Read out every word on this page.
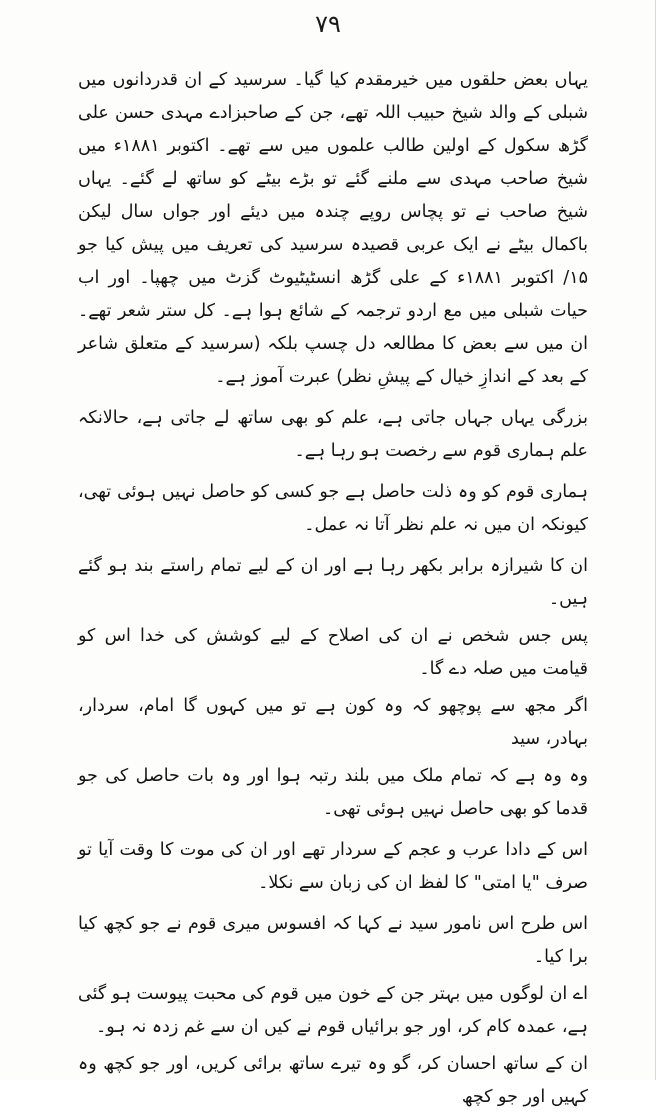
۷۹

یہاں بعض حلقوں میں خیرمقدم کیا گیا۔ سرسید کے ان قدردانوں میں شبلی کے والد شیخ حبیب اللہ تھے، جن کے صاحبزادے مہدی حسن علی گڑھ سکول کے اولین طالب علموں میں سے تھے۔ اکتوبر ۱۸۸۱ء میں شیخ صاحب مہدی سے ملنے گئے تو بڑے بیٹے کو ساتھ لے گئے۔ یہاں شیخ صاحب نے تو پچاس روپے چندہ میں دیئے اور جواں سال لیکن باکمال بیٹے نے ایک عربی قصیدہ سرسید کی تعریف میں پیش کیا جو ۱۵/ اکتوبر ۱۸۸۱ء کے علی گڑھ انسٹیٹیوٹ گزٹ میں چھپا۔ اور اب حیات شبلی میں مع اردو ترجمہ کے شائع ہوا ہے۔ کل ستر شعر تھے۔ ان میں سے بعض کا مطالعہ دل چسپ بلکہ (سرسید کے متعلق شاعر کے بعد کے اندازِ خیال کے پیشِ نظر) عبرت آموز ہے۔

بزرگی یہاں جہاں جاتی ہے، علم کو بھی ساتھ لے جاتی ہے، حالانکہ علم ہماری قوم سے رخصت ہو رہا ہے۔

ہماری قوم کو وہ ذلت حاصل ہے جو کسی کو حاصل نہیں ہوئی تھی، کیونکہ ان میں نہ علم نظر آتا نہ عمل۔

ان کا شیرازہ برابر بکھر رہا ہے اور ان کے لیے تمام راستے بند ہو گئے ہیں۔

پس جس شخص نے ان کی اصلاح کے لیے کوشش کی خدا اس کو قیامت میں صلہ دے گا۔

اگر مجھ سے پوچھو کہ وہ کون ہے تو میں کہوں گا امام، سردار، بہادر، سید

وہ وہ ہے کہ تمام ملک میں بلند رتبہ ہوا اور وہ بات حاصل کی جو قدما کو بھی حاصل نہیں ہوئی تھی۔

اس کے دادا عرب و عجم کے سردار تھے اور ان کی موت کا وقت آیا تو صرف "یا امتی" کا لفظ ان کی زبان سے نکلا۔

اس طرح اس نامور سید نے کہا کہ افسوس میری قوم نے جو کچھ کیا برا کیا۔

اے ان لوگوں میں بہتر جن کے خون میں قوم کی محبت پیوست ہو گئی ہے، عمدہ کام کر، اور جو برائیاں قوم نے کیں ان سے غم زدہ نہ ہو۔

ان کے ساتھ احسان کر، گو وہ تیرے ساتھ برائی کریں، اور جو کچھ وہ کہیں اور جو کچھ
